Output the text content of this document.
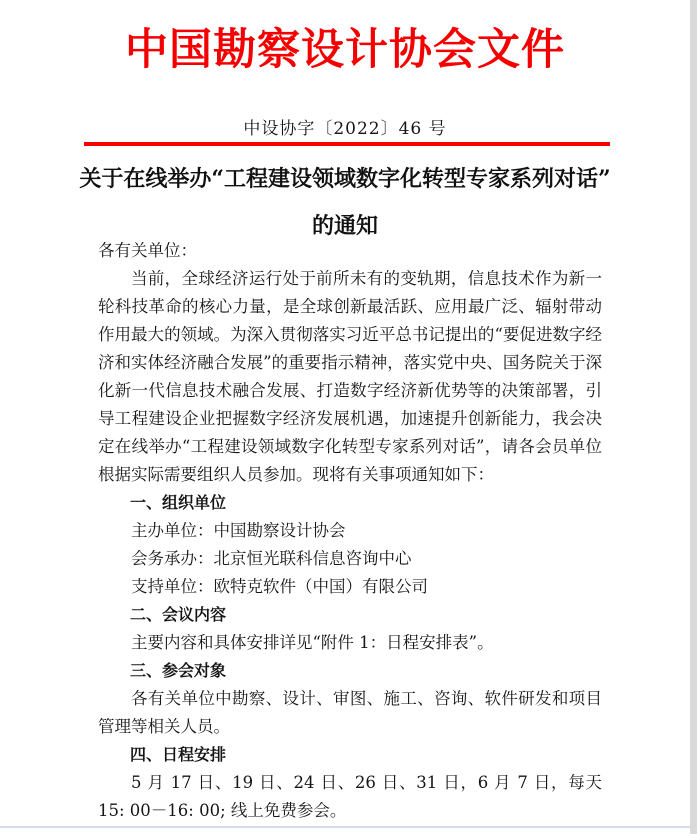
中国勘察设计协会文件
中设协字〔2022〕46 号
关于在线举办“工程建设领域数字化转型专家系列对话”
的通知

各有关单位：

当前，全球经济运行处于前所未有的变轨期，信息技术作为新一轮科技革命的核心力量，是全球创新最活跃、应用最广泛、辐射带动作用最大的领域。为深入贯彻落实习近平总书记提出的“要促进数字经济和实体经济融合发展”的重要指示精神，落实党中央、国务院关于深化新一代信息技术融合发展、打造数字经济新优势等的决策部署，引导工程建设企业把握数字经济发展机遇，加速提升创新能力，我会决定在线举办“工程建设领域数字化转型专家系列对话”，请各会员单位根据实际需要组织人员参加。现将有关事项通知如下：

一、组织单位

主办单位：中国勘察设计协会

会务承办：北京恒光联科信息咨询中心

支持单位：欧特克软件（中国）有限公司

二、会议内容

主要内容和具体安排详见“附件 1：日程安排表”。

三、参会对象

各有关单位中勘察、设计、审图、施工、咨询、软件研发和项目管理等相关人员。

四、日程安排

5 月 17 日、19 日、24 日、26 日、31 日，6 月 7 日，每天 15: 00－16: 00; 线上免费参会。
